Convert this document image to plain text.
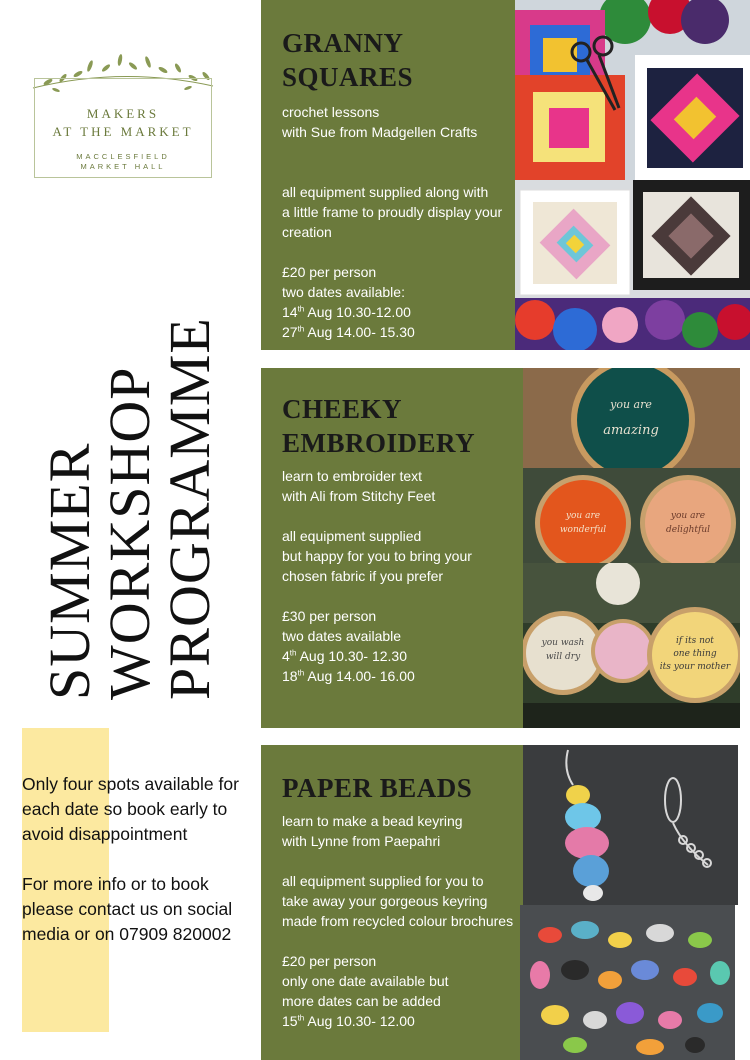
MAKERS
AT THE MARKET
MACCLESFIELD
MARKET HALL
SUMMER
WORKSHOP
PROGRAMME

Only four spots available for each date so book early to avoid disappointment

For more info or to book please contact us on social media or on 07909 820002

GRANNY
SQUARES
crochet lessons
with Sue from Madgellen Crafts
all equipment supplied along with
a little frame to proudly display your
creation
£20 per person
two dates available:
14th Aug 10.30-12.00
27th Aug 14.00- 15.30
CHEEKY
EMBROIDERY
learn to embroider text
with Ali from Stitchy Feet
all equipment supplied
but happy for you to bring your
chosen fabric if you prefer
£30 per person
two dates available
4th Aug 10.30- 12.30
18th Aug 14.00- 16.00
PAPER BEADS
learn to make a bead keyring
with Lynne from Paepahri
all equipment supplied for you to
take away your gorgeous keyring
made from recycled colour brochures
£20 per person
only one date available but
more dates can be added
15th Aug 10.30- 12.00
you are
amazing
you are
wonderful
you are
delightful
you wash
will dry
if its not
one thing
its your mother
